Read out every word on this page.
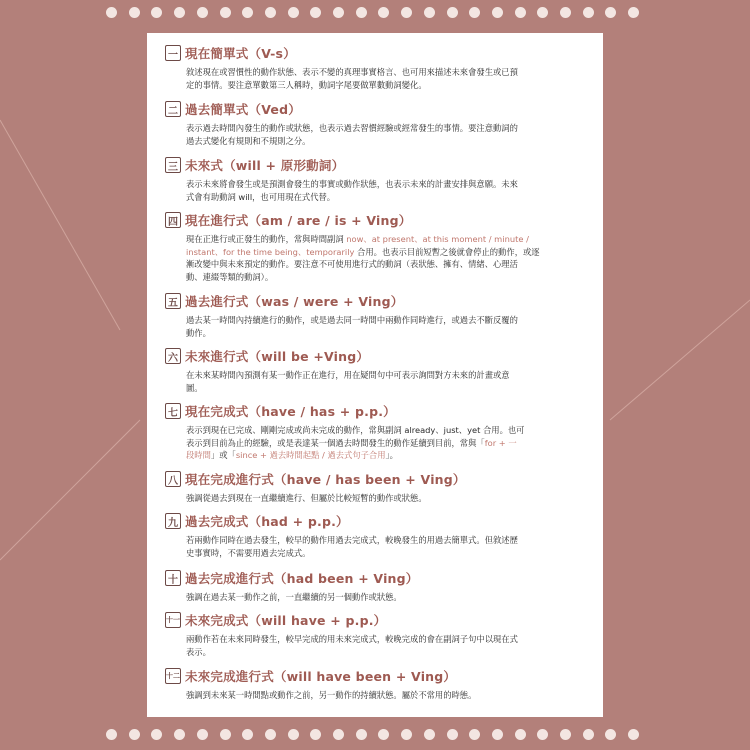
一 現在簡單式（V-s）
敘述現在或習慣性的動作狀態、表示不變的真理事實格言、也可用來描述未來會發生或已預
定的事情。要注意單數第三人稱時，動詞字尾要做單數動詞變化。
二 過去簡單式（Ved）
表示過去時間內發生的動作或狀態，也表示過去習慣經驗或經常發生的事情。要注意動詞的
過去式變化有規則和不規則之分。
三 未來式（will + 原形動詞）
表示未來將會發生或是預測會發生的事實或動作狀態，也表示未來的計畫安排與意願。未來
式會有助動詞 will，也可用現在式代替。
四 現在進行式（am / are / is + Ving）
現在正進行或正發生的動作，常與時間副詞 now、at present、at this moment / minute /
instant、for the time being、temporarily 合用。也表示目前短暫之後就會停止的動作，或逐
漸改變中與未來預定的動作。要注意不可使用進行式的動詞（表狀態、擁有、情緒、心理活
動、連綴等類的動詞）。
五 過去進行式（was / were + Ving）
過去某一時間內持續進行的動作，或是過去同一時間中兩動作同時進行，或過去不斷反覆的
動作。
六 未來進行式（will be +Ving）
在未來某時間內預測有某一動作正在進行，用在疑問句中可表示詢問對方未來的計畫或意
圖。
七 現在完成式（have / has + p.p.）
表示到現在已完成、剛剛完成或尚未完成的動作，常與副詞 already、just、yet 合用。也可
表示到目前為止的經驗，或是表達某一個過去時間發生的動作延續到目前，常與「for + 一
段時間」或「since + 過去時間起點 / 過去式句子合用」。
八 現在完成進行式（have / has been + Ving）
強調從過去到現在一直繼續進行、但屬於比較短暫的動作或狀態。
九 過去完成式（had + p.p.）
若兩動作同時在過去發生，較早的動作用過去完成式，較晚發生的用過去簡單式。但敘述歷
史事實時，不需要用過去完成式。
十 過去完成進行式（had been + Ving）
強調在過去某一動作之前，一直繼續的另一個動作或狀態。
十一 未來完成式（will have + p.p.）
兩動作若在未來同時發生，較早完成的用未來完成式，較晚完成的會在副詞子句中以現在式
表示。
十二 未來完成進行式（will have been + Ving）
強調到未來某一時間點或動作之前，另一動作的持續狀態。屬於不常用的時態。
